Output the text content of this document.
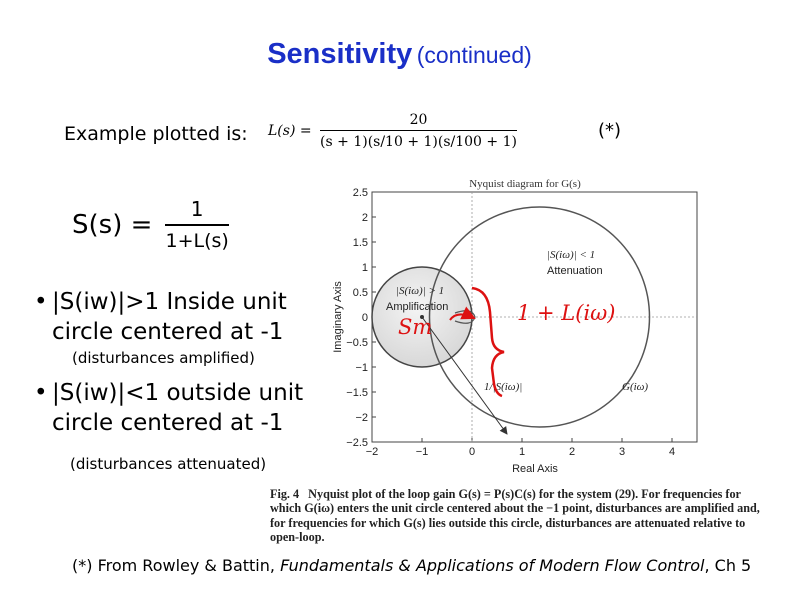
Sensitivity (continued)
Example plotted is: $L(s) = \frac{20}{(s + 1)(s/10 + 1)(s/100 + 1)}$	(*)
$S(s) = \frac{1}{1+L(s)}$
• |S(iw)|>1 Inside unit circle centered at -1
(disturbances amplified)
• |S(iw)|<1 outside unit circle centered at -1
(disturbances attenuated)
Nyquist diagram for G(s)
−2	−1	0	1	2	3	4
2.5
2
1.5
1
0.5
0
−0.5
−1
−1.5
−2
−2.5
Real Axis
Imaginary Axis
|S(iω)| < 1
Attenuation
|S(iω)| > 1
Amplification
1/|S(iω)|	G(iω)
Sm
1 + L(iω)
Fig. 4 Nyquist plot of the loop gain G(s) = P(s)C(s) for the system (29). For frequencies for which G(iω) enters the unit circle centered about the −1 point, disturbances are amplified and, for frequencies for which G(s) lies outside this circle, disturbances are attenuated relative to open-loop.
(*) From Rowley & Battin, Fundamentals & Applications of Modern Flow Control, Ch 5
